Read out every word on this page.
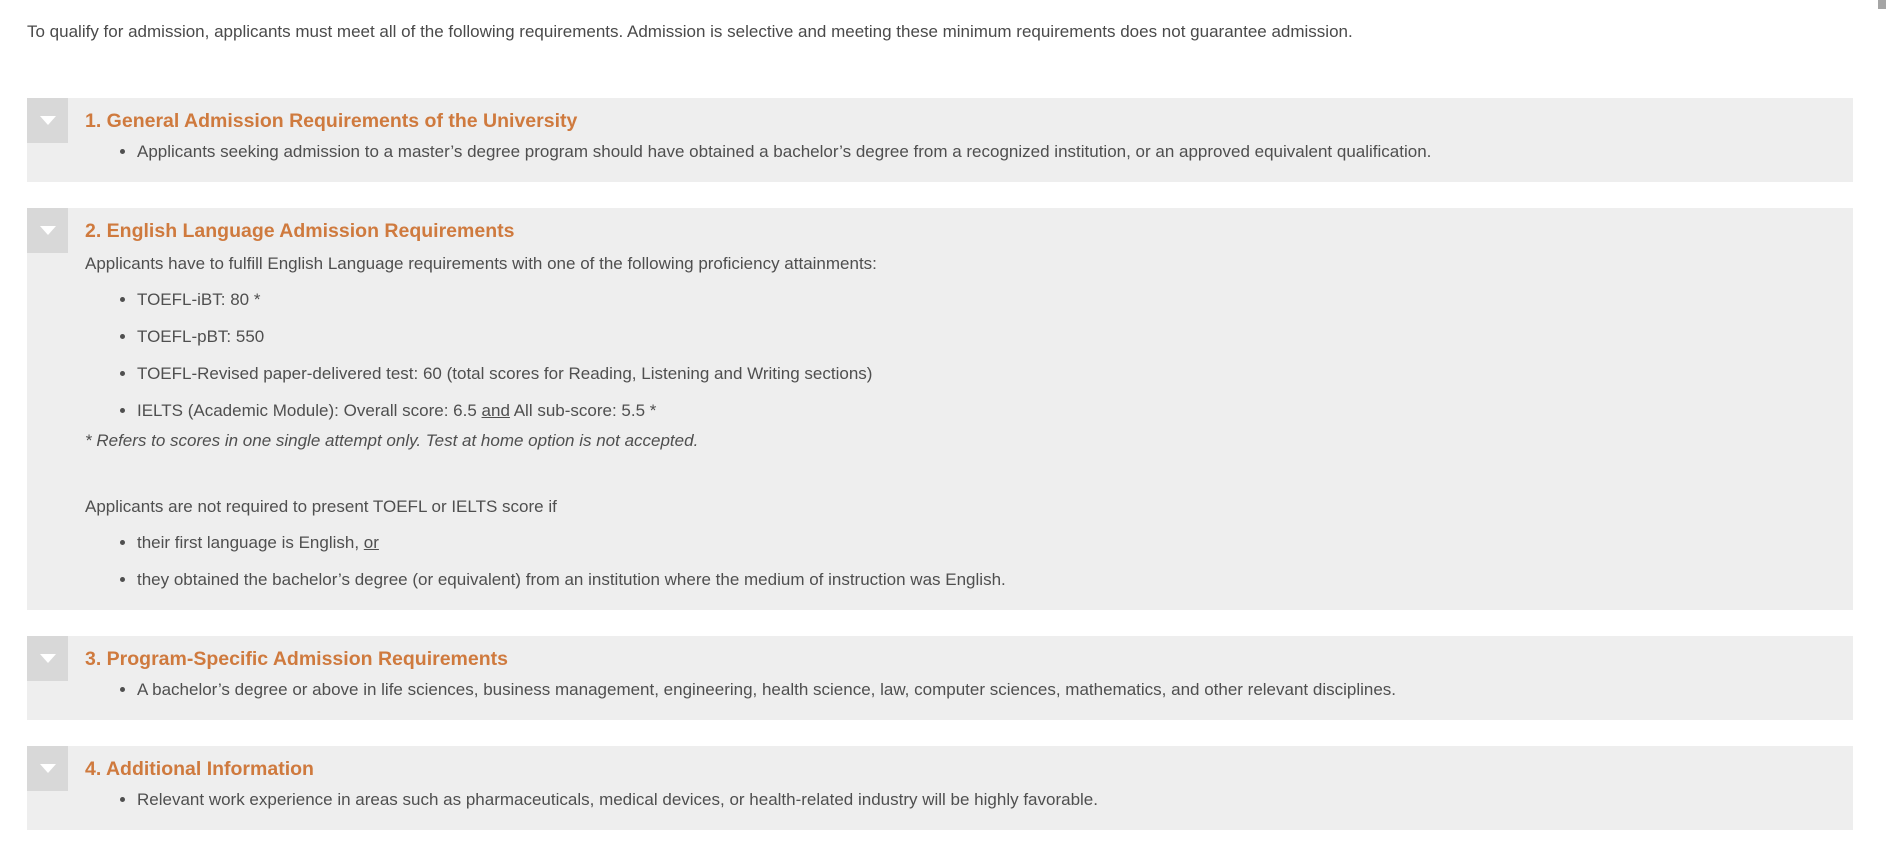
To qualify for admission, applicants must meet all of the following requirements. Admission is selective and meeting these minimum requirements does not guarantee admission.

1. General Admission Requirements of the University
• Applicants seeking admission to a master’s degree program should have obtained a bachelor’s degree from a recognized institution, or an approved equivalent qualification.
2. English Language Admission Requirements

Applicants have to fulfill English Language requirements with one of the following proficiency attainments:

• TOEFL-iBT: 80 *
• TOEFL-pBT: 550
• TOEFL-Revised paper-delivered test: 60 (total scores for Reading, Listening and Writing sections)
• IELTS (Academic Module): Overall score: 6.5 and All sub-score: 5.5 *

* Refers to scores in one single attempt only. Test at home option is not accepted.

Applicants are not required to present TOEFL or IELTS score if

• their first language is English, or
• they obtained the bachelor’s degree (or equivalent) from an institution where the medium of instruction was English.
3. Program-Specific Admission Requirements
• A bachelor’s degree or above in life sciences, business management, engineering, health science, law, computer sciences, mathematics, and other relevant disciplines.
4. Additional Information
• Relevant work experience in areas such as pharmaceuticals, medical devices, or health-related industry will be highly favorable.
